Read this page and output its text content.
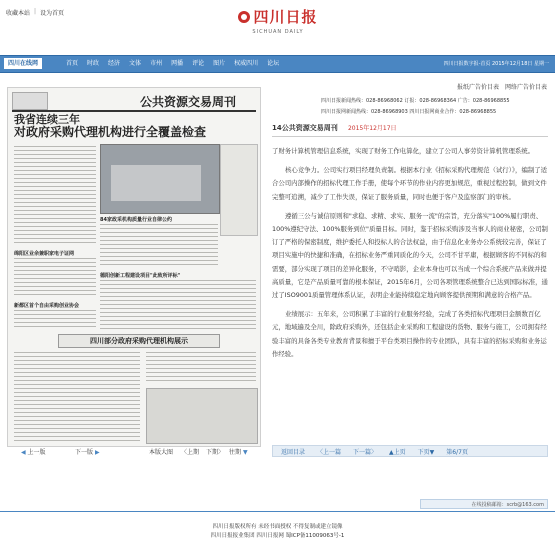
收藏本站 | 设为首页	四川日报
SICHUAN DAILY
四川在线网	首页 时政 经济 文体 市州 网播 评论 图片 权威四川 论坛	四川日报数字报-首页 2015年12月18日 星期一
报纸广告价目表 网络广告价目表
四川日报新闻热线：028-86968062 订报：028-86968364 广告：028-86968855
四川日报网新闻热线：028-86968903 四川日报网商业合作：028-86968855
公共资源交易周刊
我省连续三年
对政府采购代理机构进行全覆盖检查
84家政采机构质量行业自律公约
绵阳区业余兼职家电子证网
德阳创新工程建设项目"此致所评标"
新都区首个自由采购创业协会
四川部分政府采购代理机构展示
◀ 上一版	下一版 ▶	本版大图 〈上期 下期〉 往期 ▼
14公共资源交易周刊 2015年12月17日

了财务计算机管理信息系统，实现了财务工作电算化，建立了公司人事劳资计算机管理系统。

核心竞争力。公司实行项目经理负责制。根据本行业《招标采购代理规范（试行）》，编制了适合公司内部操作的招标代理工作手册，使每个环节的作业内容更加规范，重视过程控制，做到文件完整可追溯，减少了工作失误，保证了服务质量，同时也便于客户及监察部门的审核。

遵循三公与诚信原则和"求稳、求精、求实、服务一流"的宗旨，充分落实"100%履行职责、100%遵纪守法、100%服务到位"质量目标。同时，鉴于招标采购涉及当事人的商业秘密，公司制订了严格的保密制度，维护委托人和投标人的合法权益，由于信息化业务办公系统较完善，保证了项目实施中的快捷和准确，在招标业务严重同质化的今天，公司不甘平庸，根据顾客的不同标的和需要，部分实现了项目的差异化服务，不守哨影，企业本身也可以当成一个综合系统产品来做并提高质量，它是产品质量可靠的根本保证，2015年6月，公司各项管理系统整合已达到国际标准，通过了ISO9001质量管理体系认证，表明企业能持续稳定地向顾客提供预期和满意的合格产品。

业绩展示：五年来，公司积累了丰富的行业服务经验，完成了各类招标代理项目金额数百亿元，地域遍及全川，除政府采购外，还包括企业采购和工程建设的货物、服务与施工，公司拥有经验丰富的具备各类专业教育背景和擅于平台类项目操作的专业团队，具有丰富的招标采购和业务运作经验。

返回目录 〈上一篇 下一篇〉 ▲上页 下页▼ 第6/7页
在线投稿邮箱：scrb@163.com
四川日报版权所有 未经书面授权 不得复制或建立镜像
四川日报报业集团 四川日报网 蜀ICP备11009063号-1
